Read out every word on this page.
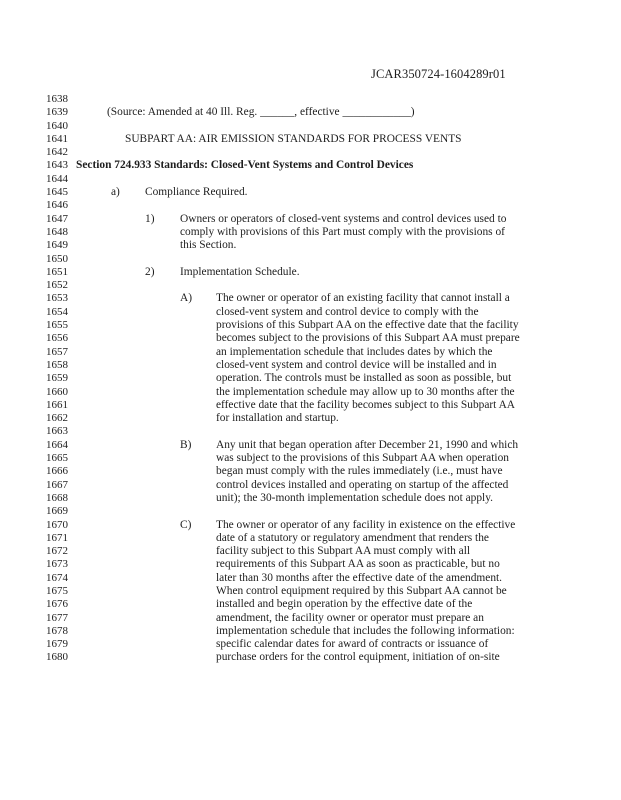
JCAR350724-1604289r01
1638
1639	(Source: Amended at 40 Ill. Reg. ______, effective ____________)
1640
1641	SUBPART AA: AIR EMISSION STANDARDS FOR PROCESS VENTS
1642
1643 Section 724.933 Standards: Closed-Vent Systems and Control Devices
1644
1645	a) Compliance Required.
1646
1647	1) Owners or operators of closed-vent systems and control devices used to
1648	comply with provisions of this Part must comply with the provisions of
1649	this Section.
1650
1651	2) Implementation Schedule.
1652
1653	A) The owner or operator of an existing facility that cannot install a
1654	closed-vent system and control device to comply with the
1655	provisions of this Subpart AA on the effective date that the facility
1656	becomes subject to the provisions of this Subpart AA must prepare
1657	an implementation schedule that includes dates by which the
1658	closed-vent system and control device will be installed and in
1659	operation. The controls must be installed as soon as possible, but
1660	the implementation schedule may allow up to 30 months after the
1661	effective date that the facility becomes subject to this Subpart AA
1662	for installation and startup.
1663
1664	B) Any unit that began operation after December 21, 1990 and which
1665	was subject to the provisions of this Subpart AA when operation
1666	began must comply with the rules immediately (i.e., must have
1667	control devices installed and operating on startup of the affected
1668	unit); the 30-month implementation schedule does not apply.
1669
1670	C) The owner or operator of any facility in existence on the effective
1671	date of a statutory or regulatory amendment that renders the
1672	facility subject to this Subpart AA must comply with all
1673	requirements of this Subpart AA as soon as practicable, but no
1674	later than 30 months after the effective date of the amendment.
1675	When control equipment required by this Subpart AA cannot be
1676	installed and begin operation by the effective date of the
1677	amendment, the facility owner or operator must prepare an
1678	implementation schedule that includes the following information:
1679	specific calendar dates for award of contracts or issuance of
1680	purchase orders for the control equipment, initiation of on-site
